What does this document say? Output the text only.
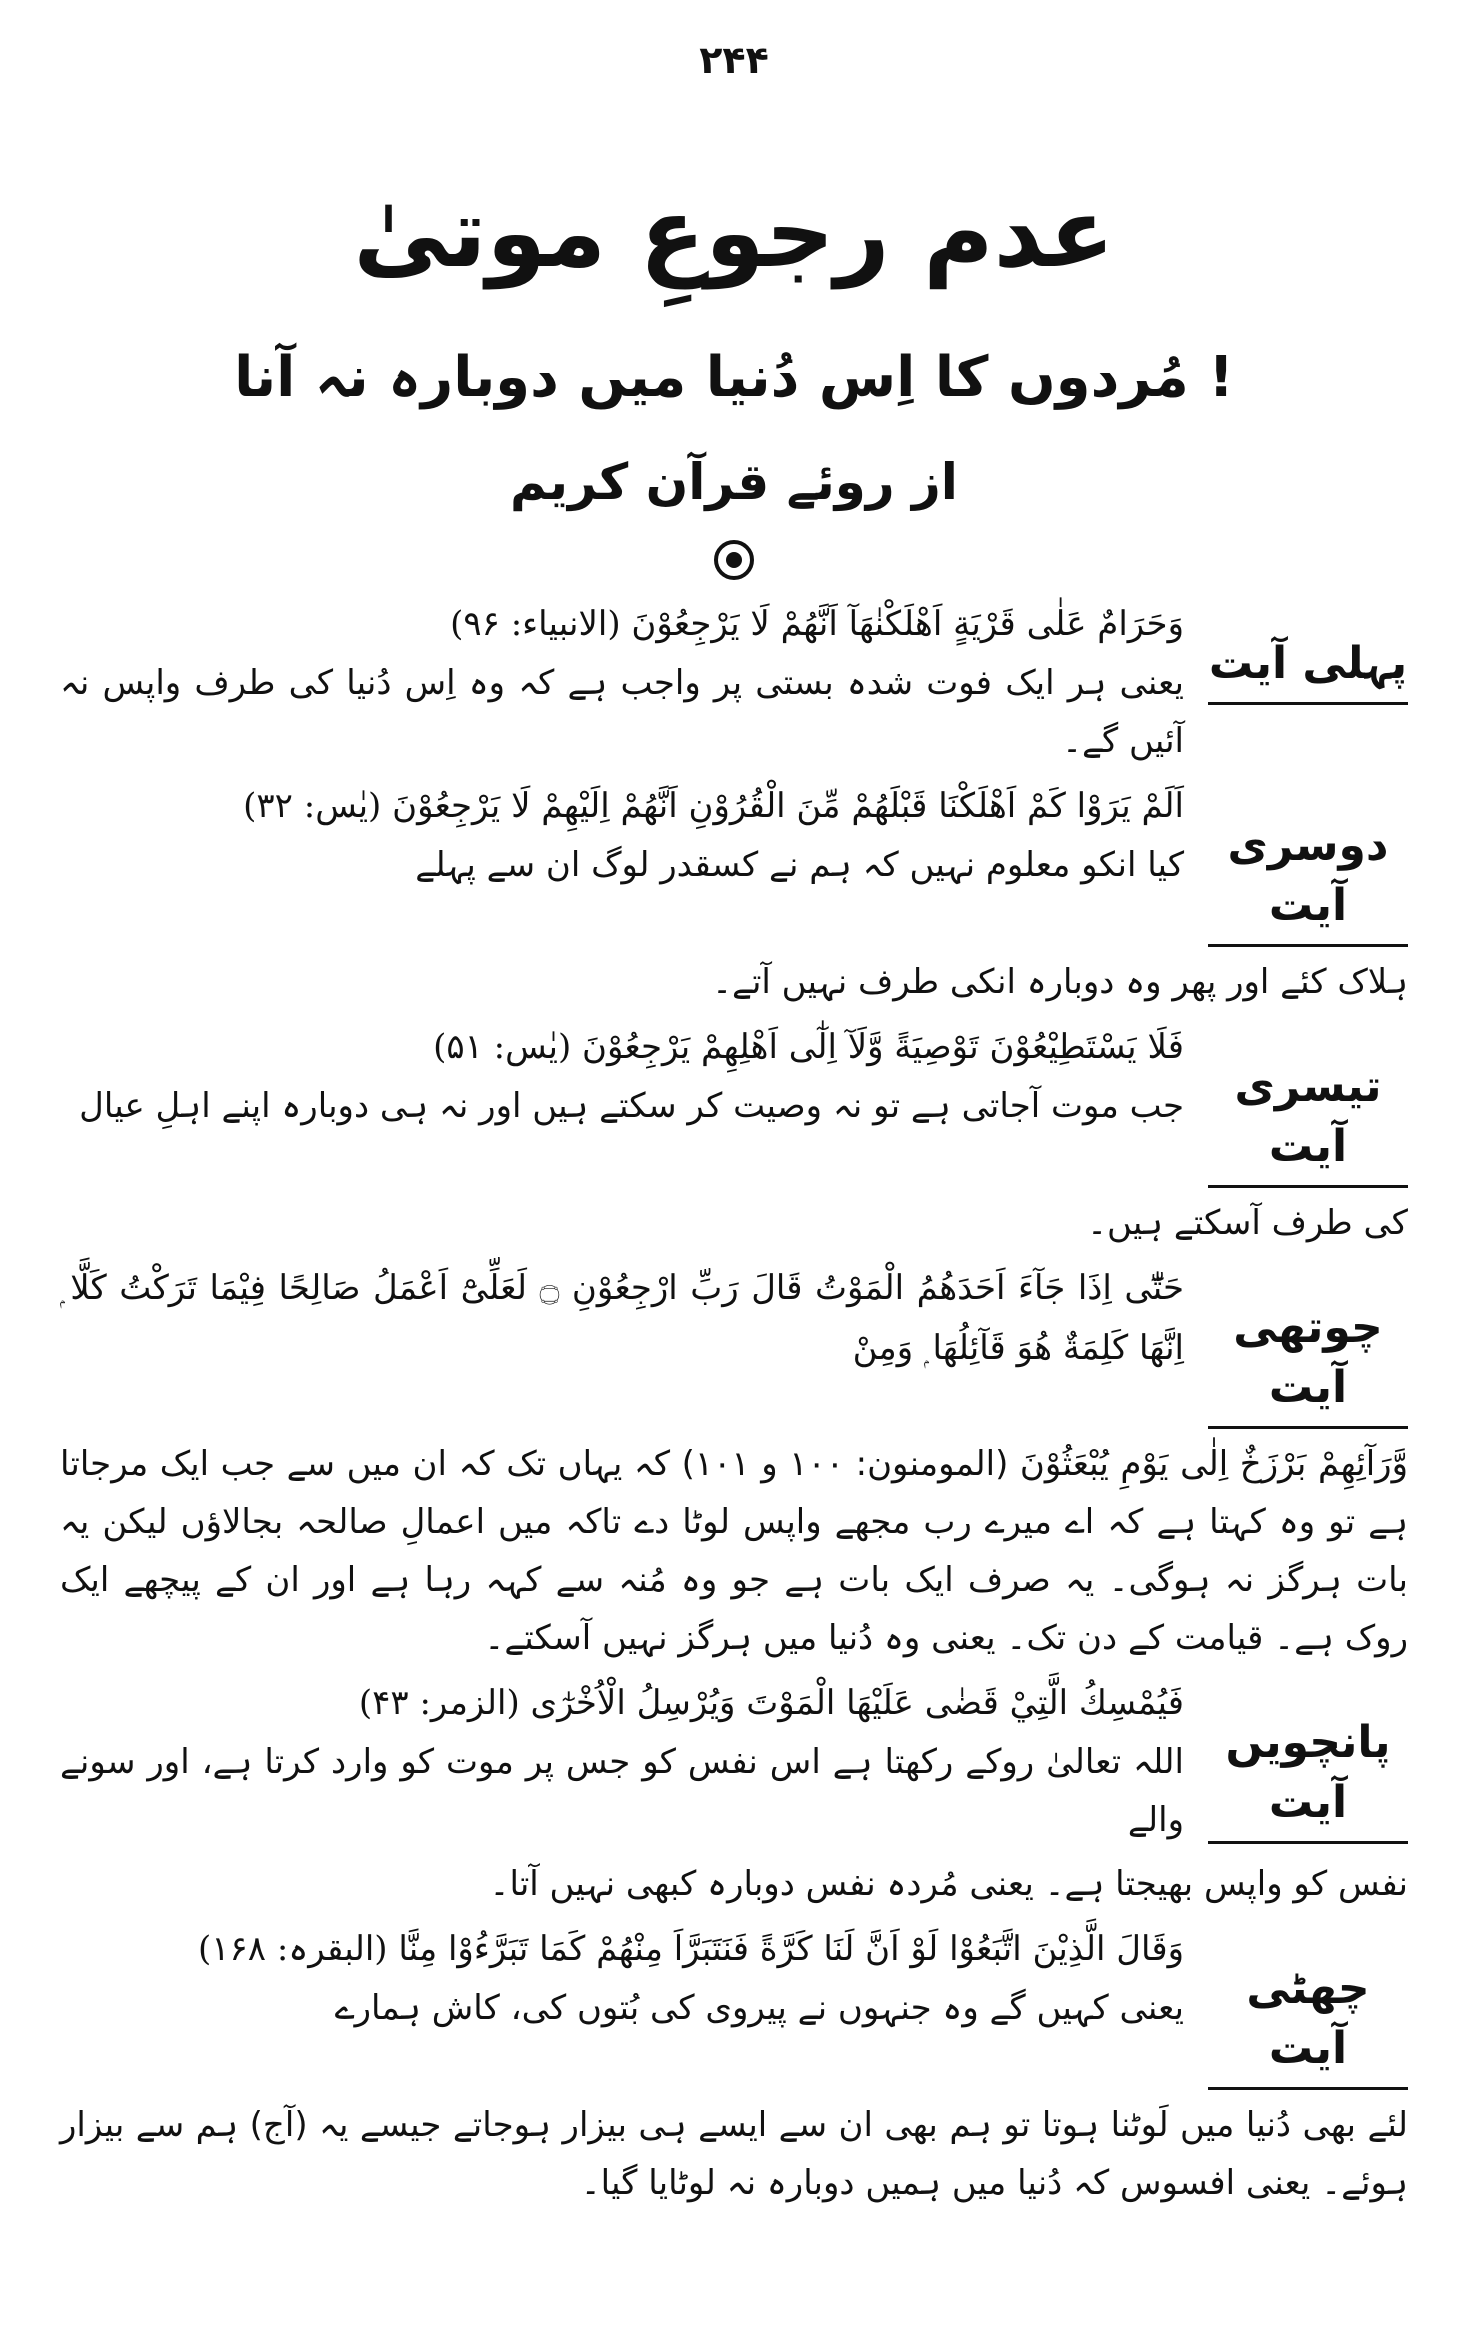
۲۴۴
عدم رجوعِ موتیٰ
مُردوں کا اِس دُنیا میں دوبارہ نہ آنا !
از روئے قرآن کریم
پہلی آیت
وَحَرَامٌ عَلٰی قَرْيَةٍ اَهْلَكْنٰهَآ اَنَّهُمْ لَا يَرْجِعُوْنَ (الانبیاء: ۹۶)
یعنی ہر ایک فوت شدہ بستی پر واجب ہے کہ وہ اِس دُنیا کی طرف واپس نہ آئیں گے۔
دوسری آیت
اَلَمْ يَرَوْا كَمْ اَهْلَكْنَا قَبْلَهُمْ مِّنَ الْقُرُوْنِ اَنَّهُمْ اِلَيْهِمْ لَا يَرْجِعُوْنَ (یٰس: ۳۲)
کیا انکو معلوم نہیں کہ ہم نے کسقدر لوگ ان سے پہلے
ہلاک کئے اور پھر وہ دوبارہ انکی طرف نہیں آتے۔
تیسری آیت
فَلَا يَسْتَطِيْعُوْنَ تَوْصِيَةً وَّلَآ اِلٰٓى اَهْلِهِمْ يَرْجِعُوْنَ (یٰس: ۵۱)
جب موت آجاتی ہے تو نہ وصیت کر سکتے ہیں اور نہ ہی دوبارہ اپنے اہلِ عیال
کی طرف آسکتے ہیں۔
چوتھی آیت
حَتّٰٓى اِذَا جَآءَ اَحَدَهُمُ الْمَوْتُ قَالَ رَبِّ ارْجِعُوْنِ ۝ لَعَلِّیْٓ اَعْمَلُ صَالِحًا فِيْمَا تَرَكْتُ كَلَّا ۭ اِنَّهَا كَلِمَةٌ هُوَ قَآئِلُهَا ۭ وَمِنْ
وَّرَآئِهِمْ بَرْزَخٌ اِلٰى يَوْمِ يُبْعَثُوْنَ (المومنون: ۱۰۰ و ۱۰۱) کہ یہاں تک کہ ان میں سے جب ایک مرجاتا ہے تو وہ کہتا ہے کہ اے میرے رب مجھے واپس لوٹا دے تاکہ میں اعمالِ صالحہ بجالاؤں لیکن یہ بات ہرگز نہ ہوگی۔ یہ صرف ایک بات ہے جو وہ مُنہ سے کہہ رہا ہے اور ان کے پیچھے ایک روک ہے۔ قیامت کے دن تک۔ یعنی وہ دُنیا میں ہرگز نہیں آسکتے۔
پانچویں آیت
فَيُمْسِكُ الَّتِيْ قَضٰى عَلَيْهَا الْمَوْتَ وَيُرْسِلُ الْاُخْرٰٓى (الزمر: ۴۳)
اللہ تعالیٰ روکے رکھتا ہے اس نفس کو جس پر موت کو وارد کرتا ہے، اور سونے والے
نفس کو واپس بھیجتا ہے۔ یعنی مُردہ نفس دوبارہ کبھی نہیں آتا۔
چھٹی آیت
وَقَالَ الَّذِيْنَ اتَّبَعُوْا لَوْ اَنَّ لَنَا كَرَّةً فَنَتَبَرَّاَ مِنْهُمْ كَمَا تَبَرَّءُوْا مِنَّا (البقرہ: ۱۶۸)
یعنی کہیں گے وہ جنہوں نے پیروی کی بُتوں کی، کاش ہمارے
لئے بھی دُنیا میں لَوٹنا ہوتا تو ہم بھی ان سے ایسے ہی بیزار ہوجاتے جیسے یہ (آج) ہم سے بیزار ہوئے۔ یعنی افسوس کہ دُنیا میں ہمیں دوبارہ نہ لوٹایا گیا۔
